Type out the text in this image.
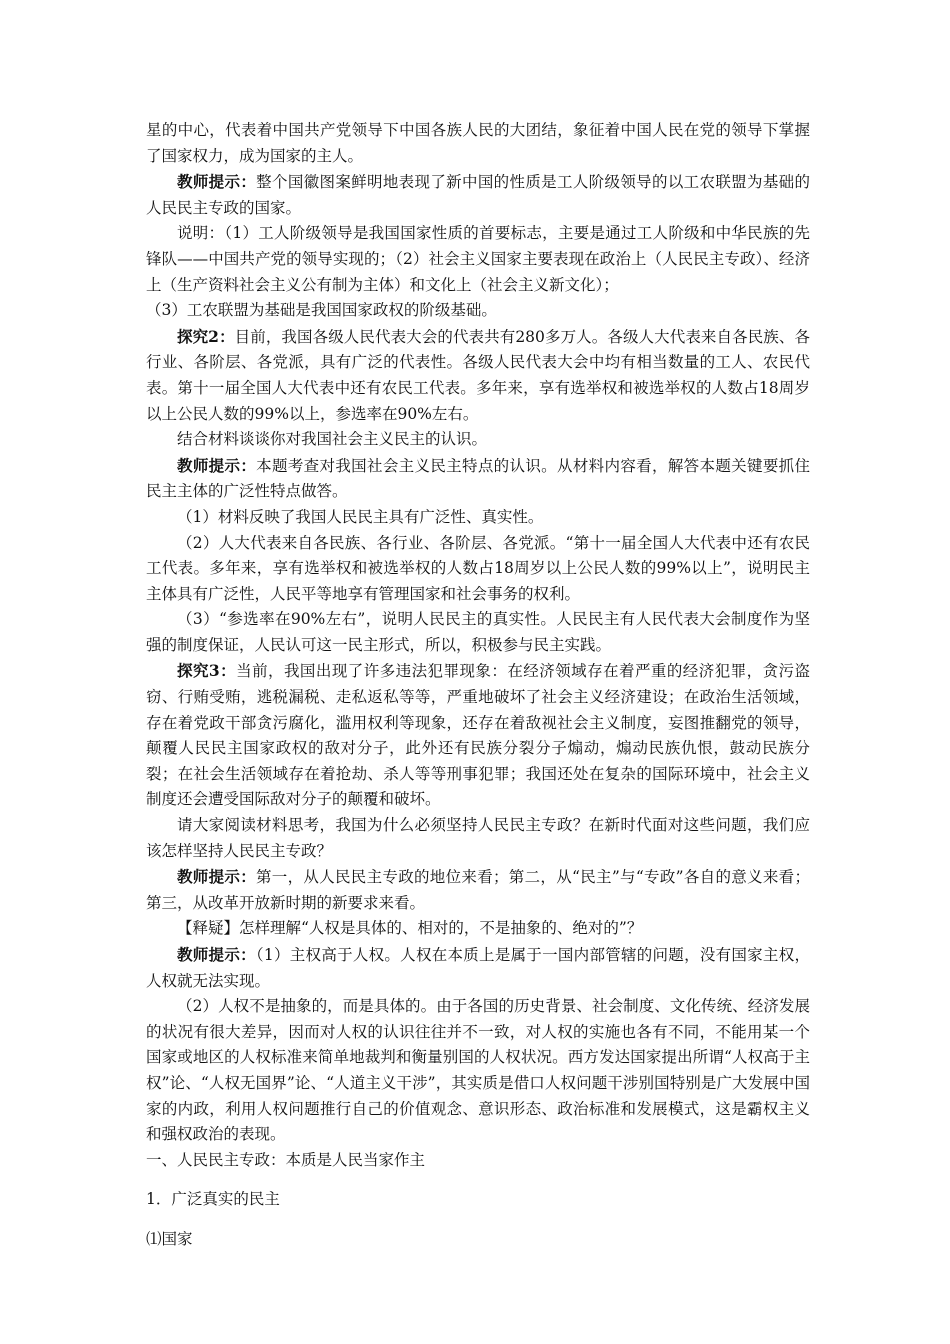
星的中心，代表着中国共产党领导下中国各族人民的大团结，象征着中国人民在党的领导下掌握了国家权力，成为国家的主人。

教师提示：整个国徽图案鲜明地表现了新中国的性质是工人阶级领导的以工农联盟为基础的人民民主专政的国家。

说明：（1）工人阶级领导是我国国家性质的首要标志，主要是通过工人阶级和中华民族的先锋队——中国共产党的领导实现的；（2）社会主义国家主要表现在政治上（人民民主专政）、经济上（生产资料社会主义公有制为主体）和文化上（社会主义新文化）；

（3）工农联盟为基础是我国国家政权的阶级基础。

探究2：目前，我国各级人民代表大会的代表共有280多万人。各级人大代表来自各民族、各行业、各阶层、各党派，具有广泛的代表性。各级人民代表大会中均有相当数量的工人、农民代表。第十一届全国人大代表中还有农民工代表。多年来，享有选举权和被选举权的人数占18周岁以上公民人数的99%以上，参选率在90%左右。

结合材料谈谈你对我国社会主义民主的认识。

教师提示：本题考查对我国社会主义民主特点的认识。从材料内容看，解答本题关键要抓住民主主体的广泛性特点做答。

（1）材料反映了我国人民民主具有广泛性、真实性。

（2）人大代表来自各民族、各行业、各阶层、各党派。“第十一届全国人大代表中还有农民工代表。多年来，享有选举权和被选举权的人数占18周岁以上公民人数的99%以上”，说明民主主体具有广泛性，人民平等地享有管理国家和社会事务的权利。

（3）“参选率在90%左右”，说明人民民主的真实性。人民民主有人民代表大会制度作为坚强的制度保证，人民认可这一民主形式，所以，积极参与民主实践。

探究3：当前，我国出现了许多违法犯罪现象：在经济领域存在着严重的经济犯罪，贪污盗窃、行贿受贿，逃税漏税、走私返私等等，严重地破坏了社会主义经济建设；在政治生活领域，存在着党政干部贪污腐化，滥用权利等现象，还存在着敌视社会主义制度，妄图推翻党的领导，颠覆人民民主国家政权的敌对分子，此外还有民族分裂分子煽动，煽动民族仇恨，鼓动民族分裂；在社会生活领域存在着抢劫、杀人等等刑事犯罪；我国还处在复杂的国际环境中，社会主义制度还会遭受国际敌对分子的颠覆和破坏。

请大家阅读材料思考，我国为什么必须坚持人民民主专政？在新时代面对这些问题，我们应该怎样坚持人民民主专政？

教师提示：第一，从人民民主专政的地位来看；第二，从“民主”与“专政”各自的意义来看；第三，从改革开放新时期的新要求来看。

【释疑】怎样理解“人权是具体的、相对的，不是抽象的、绝对的”？

教师提示：（1）主权高于人权。人权在本质上是属于一国内部管辖的问题，没有国家主权，人权就无法实现。

（2）人权不是抽象的，而是具体的。由于各国的历史背景、社会制度、文化传统、经济发展的状况有很大差异，因而对人权的认识往往并不一致，对人权的实施也各有不同，不能用某一个国家或地区的人权标准来简单地裁判和衡量别国的人权状况。西方发达国家提出所谓“人权高于主权”论、“人权无国界”论、“人道主义干涉”，其实质是借口人权问题干涉别国特别是广大发展中国家的内政，利用人权问题推行自己的价值观念、意识形态、政治标准和发展模式，这是霸权主义和强权政治的表现。

一、人民民主专政：本质是人民当家作主

1．广泛真实的民主

⑴国家
